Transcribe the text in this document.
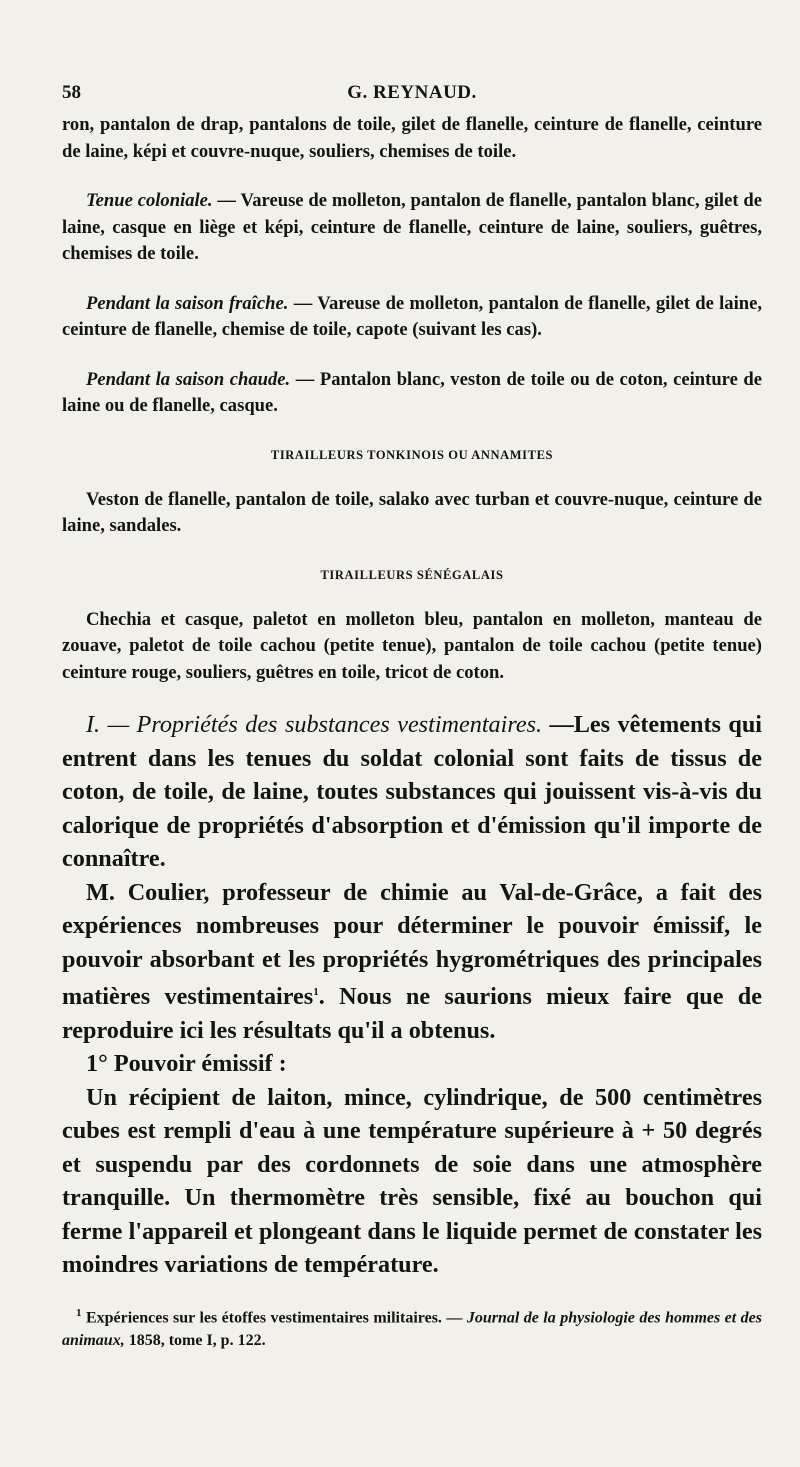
58	G. REYNAUD.

ron, pantalon de drap, pantalons de toile, gilet de flanelle, ceinture de flanelle, ceinture de laine, képi et couvre-nuque, souliers, chemises de toile.

Tenue coloniale. — Vareuse de molleton, pantalon de flanelle, pantalon blanc, gilet de laine, casque en liège et képi, ceinture de flanelle, ceinture de laine, souliers, guêtres, chemises de toile.

Pendant la saison fraîche. — Vareuse de molleton, pantalon de flanelle, gilet de laine, ceinture de flanelle, chemise de toile, capote (suivant les cas).

Pendant la saison chaude. — Pantalon blanc, veston de toile ou de coton, ceinture de laine ou de flanelle, casque.

TIRAILLEURS TONKINOIS OU ANNAMITES

Veston de flanelle, pantalon de toile, salako avec turban et couvre-nuque, ceinture de laine, sandales.

TIRAILLEURS SÉNÉGALAIS

Chechia et casque, paletot en molleton bleu, pantalon en molleton, manteau de zouave, paletot de toile cachou (petite tenue), pantalon de toile cachou (petite tenue) ceinture rouge, souliers, guêtres en toile, tricot de coton.

I. — Propriétés des substances vestimentaires. —Les vêtements qui entrent dans les tenues du soldat colonial sont faits de tissus de coton, de toile, de laine, toutes substances qui jouissent vis-à-vis du calorique de propriétés d'absorption et d'émission qu'il importe de connaître.

M. Coulier, professeur de chimie au Val-de-Grâce, a fait des expériences nombreuses pour déterminer le pouvoir émissif, le pouvoir absorbant et les propriétés hygrométriques des principales matières vestimentaires$^1$. Nous ne saurions mieux faire que de reproduire ici les résultats qu'il a obtenus.

1° Pouvoir émissif :

Un récipient de laiton, mince, cylindrique, de 500 centimètres cubes est rempli d'eau à une température supérieure à + 50 degrés et suspendu par des cordonnets de soie dans une atmosphère tranquille. Un thermomètre très sensible, fixé au bouchon qui ferme l'appareil et plongeant dans le liquide permet de constater les moindres variations de température.

$^1$ Expériences sur les étoffes vestimentaires militaires. — Journal de la physiologie des hommes et des animaux, 1858, tome I, p. 122.
